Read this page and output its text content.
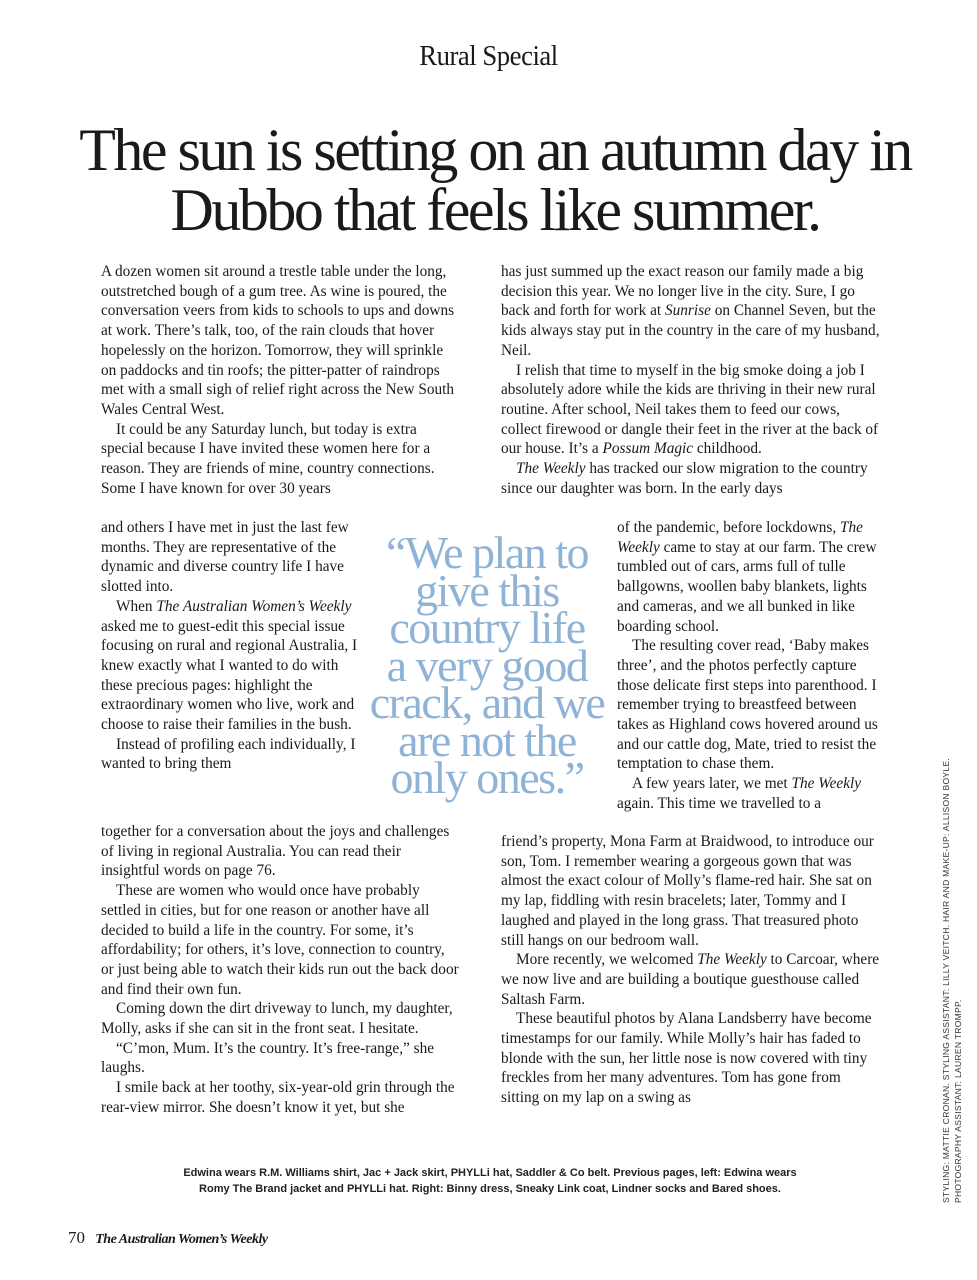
Rural Special
The sun is setting on an autumn day in Dubbo that feels like summer.

A dozen women sit around a trestle table under the long, outstretched bough of a gum tree. As wine is poured, the conversation veers from kids to schools to ups and downs at work. There’s talk, too, of the rain clouds that hover hopelessly on the horizon. Tomorrow, they will sprinkle on paddocks and tin roofs; the pitter-patter of raindrops met with a small sigh of relief right across the New South Wales Central West.

It could be any Saturday lunch, but today is extra special because I have invited these women here for a reason. They are friends of mine, country connections. Some I have known for over 30 years

and others I have met in just the last few months. They are representative of the dynamic and diverse country life I have slotted into.

When The Australian Women’s Weekly asked me to guest-edit this special issue focusing on rural and regional Australia, I knew exactly what I wanted to do with these precious pages: highlight the extraordinary women who live, work and choose to raise their families in the bush.

Instead of profiling each individually, I wanted to bring them

together for a conversation about the joys and challenges of living in regional Australia. You can read their insightful words on page 76.

These are women who would once have probably settled in cities, but for one reason or another have all decided to build a life in the country. For some, it’s affordability; for others, it’s love, connection to country, or just being able to watch their kids run out the back door and find their own fun.

Coming down the dirt driveway to lunch, my daughter, Molly, asks if she can sit in the front seat. I hesitate.

“C’mon, Mum. It’s the country. It’s free-range,” she laughs.

I smile back at her toothy, six-year-old grin through the rear-view mirror. She doesn’t know it yet, but she

has just summed up the exact reason our family made a big decision this year. We no longer live in the city. Sure, I go back and forth for work at Sunrise on Channel Seven, but the kids always stay put in the country in the care of my husband, Neil.

I relish that time to myself in the big smoke doing a job I absolutely adore while the kids are thriving in their new rural routine. After school, Neil takes them to feed our cows, collect firewood or dangle their feet in the river at the back of our house. It’s a Possum Magic childhood.

The Weekly has tracked our slow migration to the country since our daughter was born. In the early days

of the pandemic, before lockdowns, The Weekly came to stay at our farm. The crew tumbled out of cars, arms full of tulle ballgowns, woollen baby blankets, lights and cameras, and we all bunked in like boarding school.

The resulting cover read, ‘Baby makes three’, and the photos perfectly capture those delicate first steps into parenthood. I remember trying to breastfeed between takes as Highland cows hovered around us and our cattle dog, Mate, tried to resist the temptation to chase them.

A few years later, we met The Weekly again. This time we travelled to a

friend’s property, Mona Farm at Braidwood, to introduce our son, Tom. I remember wearing a gorgeous gown that was almost the exact colour of Molly’s flame-red hair. She sat on my lap, fiddling with resin bracelets; later, Tommy and I laughed and played in the long grass. That treasured photo still hangs on our bedroom wall.

More recently, we welcomed The Weekly to Carcoar, where we now live and are building a boutique guesthouse called Saltash Farm.

These beautiful photos by Alana Landsberry have become timestamps for our family. While Molly’s hair has faded to blonde with the sun, her little nose is now covered with tiny freckles from her many adventures. Tom has gone from sitting on my lap on a swing as

“We plan to
give this
country life
a very good
crack, and we
are not the
only ones.”
Edwina wears R.M. Williams shirt, Jac + Jack skirt, PHYLLi hat, Saddler & Co belt. Previous pages, left: Edwina wears
Romy The Brand jacket and PHYLLi hat. Right: Binny dress, Sneaky Link coat, Lindner socks and Bared shoes.
70 The Australian Women’s Weekly
STYLING: MATTIE CRONAN. STYLING ASSISTANT: LILLY VEITCH. HAIR AND MAKE-UP: ALLISON BOYLE. PHOTOGRAPHY ASSISTANT: LAUREN TROMPP.
